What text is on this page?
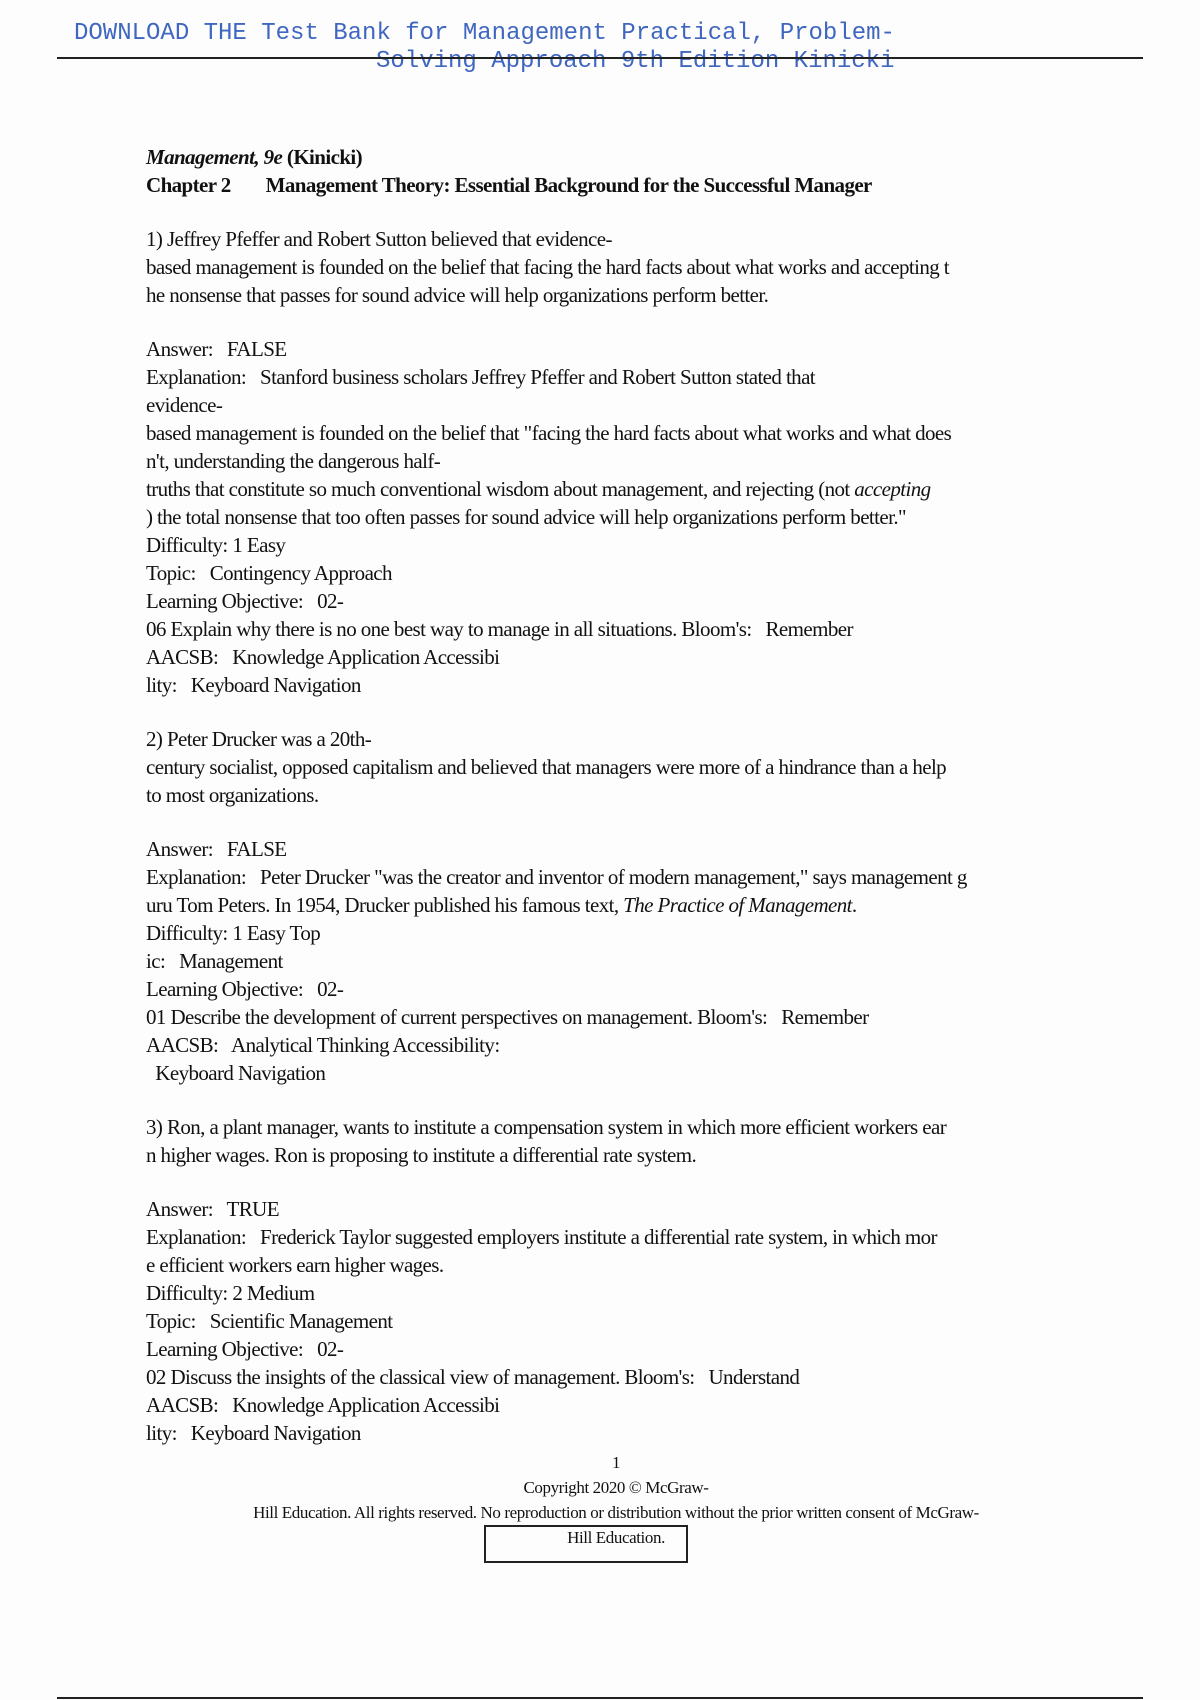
DOWNLOAD THE Test Bank for Management Practical, Problem-
Solving Approach 9th Edition Kinicki
Management, 9e (Kinicki)
Chapter 2 Management Theory: Essential Background for the Successful Manager
1) Jeffrey Pfeffer and Robert Sutton believed that evidence-
based management is founded on the belief that facing the hard facts about what works and accepting t
he nonsense that passes for sound advice will help organizations perform better.
Answer:   FALSE
Explanation:   Stanford business scholars Jeffrey Pfeffer and Robert Sutton stated that
evidence-
based management is founded on the belief that "facing the hard facts about what works and what does
n't, understanding the dangerous half-
truths that constitute so much conventional wisdom about management, and rejecting (not accepting
) the total nonsense that too often passes for sound advice will help organizations perform better."
Difficulty: 1 Easy
Topic:   Contingency Approach
Learning Objective:   02-
06 Explain why there is no one best way to manage in all situations. Bloom's:   Remember
AACSB:   Knowledge Application Accessibi
lity:   Keyboard Navigation
2) Peter Drucker was a 20th-
century socialist, opposed capitalism and believed that managers were more of a hindrance than a help
to most organizations.
Answer:   FALSE
Explanation:   Peter Drucker "was the creator and inventor of modern management," says management g
uru Tom Peters. In 1954, Drucker published his famous text, The Practice of Management.
Difficulty: 1 Easy Top
ic:   Management
Learning Objective:   02-
01 Describe the development of current perspectives on management. Bloom's:   Remember
AACSB:   Analytical Thinking Accessibility:
Keyboard Navigation
3) Ron, a plant manager, wants to institute a compensation system in which more efficient workers ear
n higher wages. Ron is proposing to institute a differential rate system.
Answer:   TRUE
Explanation:   Frederick Taylor suggested employers institute a differential rate system, in which mor
e efficient workers earn higher wages.
Difficulty: 2 Medium
Topic:   Scientific Management
Learning Objective:   02-
02 Discuss the insights of the classical view of management. Bloom's:   Understand
AACSB:   Knowledge Application Accessibi
lity:   Keyboard Navigation
1
Copyright 2020 © McGraw-
Hill Education. All rights reserved. No reproduction or distribution without the prior written consent of McGraw-
Hill Education.
